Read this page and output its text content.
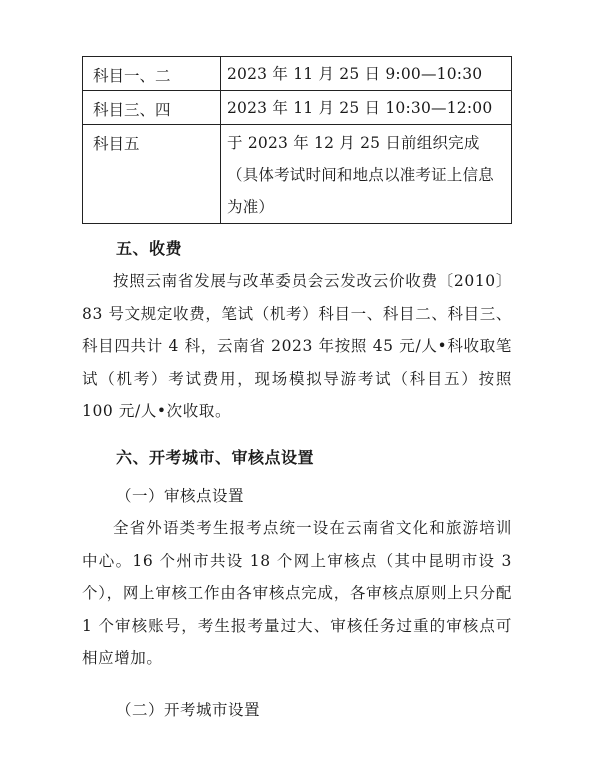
科目一、二	2023 年 11 月 25 日 9:00—10:30
科目三、四	2023 年 11 月 25 日 10:30—12:00
科目五	于 2023 年 12 月 25 日前组织完成（具体考试时间和地点以准考证上信息为准）

五、收费

按照云南省发展与改革委员会云发改云价收费〔2010〕83 号文规定收费，笔试（机考）科目一、科目二、科目三、科目四共计 4 科，云南省 2023 年按照 45 元/人•科收取笔试（机考）考试费用，现场模拟导游考试（科目五）按照 100 元/人•次收取。

六、开考城市、审核点设置

（一）审核点设置

全省外语类考生报考点统一设在云南省文化和旅游培训中心。16 个州市共设 18 个网上审核点（其中昆明市设 3 个），网上审核工作由各审核点完成，各审核点原则上只分配 1 个审核账号，考生报考量过大、审核任务过重的审核点可相应增加。

（二）开考城市设置
